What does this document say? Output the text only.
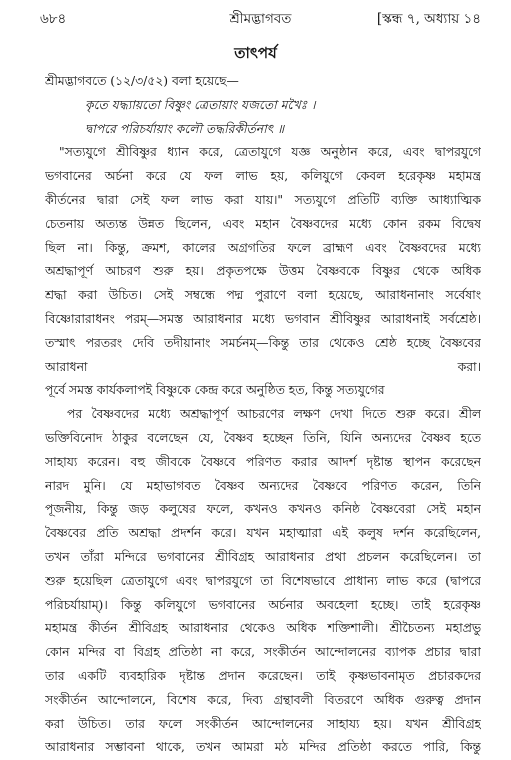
৬৮৪	শ্রীমদ্ভাগবত	[স্কন্ধ ৭, অধ্যায় ১৪
তাৎপর্য
শ্রীমদ্ভাগবতে (১২/৩/৫২) বলা হয়েছে—
কৃতে যদ্ধ্যায়তো বিষ্ণুং ত্রেতায়াং যজতো মখৈঃ ।
দ্বাপরে পরিচর্যায়াং কলৌ তদ্ধরিকীর্তনাৎ ॥
"সত্যযুগে শ্রীবিষ্ণুর ধ্যান করে, ত্রেতাযুগে যজ্ঞ অনুষ্ঠান করে, এবং দ্বাপরযুগে
ভগবানের অর্চনা করে যে ফল লাভ হয়, কলিযুগে কেবল হরেকৃষ্ণ মহামন্ত্র
কীর্তনের দ্বারা সেই ফল লাভ করা যায়।" সত্যযুগে প্রতিটি ব্যক্তি আধ্যাত্মিক
চেতনায় অত্যন্ত উন্নত ছিলেন, এবং মহান বৈষ্ণবদের মধ্যে কোন রকম বিদ্বেষ
ছিল না। কিন্তু, ক্রমশ, কালের অগ্রগতির ফলে ব্রাহ্মণ এবং বৈষ্ণবদের মধ্যে
অশ্রদ্ধাপূর্ণ আচরণ শুরু হয়। প্রকৃতপক্ষে উত্তম বৈষ্ণবকে বিষ্ণুর থেকে অধিক
শ্রদ্ধা করা উচিত। সেই সম্বন্ধে পদ্ম পুরাণে বলা হয়েছে, আরাধনানাং সর্বেষাং
বিষ্ণোরারাধনং পরম্—সমস্ত আরাধনার মধ্যে ভগবান শ্রীবিষ্ণুর আরাধনাই সর্বশ্রেষ্ঠ।
তস্মাৎ পরতরং দেবি তদীয়ানাং সমর্চনম্—কিন্তু তার থেকেও শ্রেষ্ঠ হচ্ছে বৈষ্ণবের
আরাধনা করা।
পূর্বে সমস্ত কার্যকলাপই বিষ্ণুকে কেন্দ্র করে অনুষ্ঠিত হত, কিন্তু সত্যযুগের
পর বৈষ্ণবদের মধ্যে অশ্রদ্ধাপূর্ণ আচরণের লক্ষণ দেখা দিতে শুরু করে। শ্রীল
ভক্তিবিনোদ ঠাকুর বলেছেন যে, বৈষ্ণব হচ্ছেন তিনি, যিনি অন্যদের বৈষ্ণব হতে
সাহায্য করেন। বহু জীবকে বৈষ্ণবে পরিণত করার আদর্শ দৃষ্টান্ত স্থাপন করেছেন
নারদ মুনি। যে মহাভাগবত বৈষ্ণব অন্যদের বৈষ্ণবে পরিণত করেন, তিনি
পূজনীয়, কিন্তু জড় কলুষের ফলে, কখনও কখনও কনিষ্ঠ বৈষ্ণবেরা সেই মহান
বৈষ্ণবের প্রতি অশ্রদ্ধা প্রদর্শন করে। যখন মহাত্মারা এই কলুষ দর্শন করেছিলেন,
তখন তাঁরা মন্দিরে ভগবানের শ্রীবিগ্রহ আরাধনার প্রথা প্রচলন করেছিলেন। তা
শুরু হয়েছিল ত্রেতাযুগে এবং দ্বাপরযুগে তা বিশেষভাবে প্রাধান্য লাভ করে (দ্বাপরে
পরিচর্যায়াম্)। কিন্তু কলিযুগে ভগবানের অর্চনার অবহেলা হচ্ছে। তাই হরেকৃষ্ণ
মহামন্ত্র কীর্তন শ্রীবিগ্রহ আরাধনার থেকেও অধিক শক্তিশালী। শ্রীচৈতন্য মহাপ্রভু
কোন মন্দির বা বিগ্রহ প্রতিষ্ঠা না করে, সংকীর্তন আন্দোলনের ব্যাপক প্রচার দ্বারা
তার একটি ব্যবহারিক দৃষ্টান্ত প্রদান করেছেন। তাই কৃষ্ণভাবনামৃত প্রচারকদের
সংকীর্তন আন্দোলনে, বিশেষ করে, দিব্য গ্রন্থাবলী বিতরণে অধিক গুরুত্ব প্রদান
করা উচিত। তার ফলে সংকীর্তন আন্দোলনের সাহায্য হয়। যখন শ্রীবিগ্রহ
আরাধনার সম্ভাবনা থাকে, তখন আমরা মঠ মন্দির প্রতিষ্ঠা করতে পারি, কিন্তু
